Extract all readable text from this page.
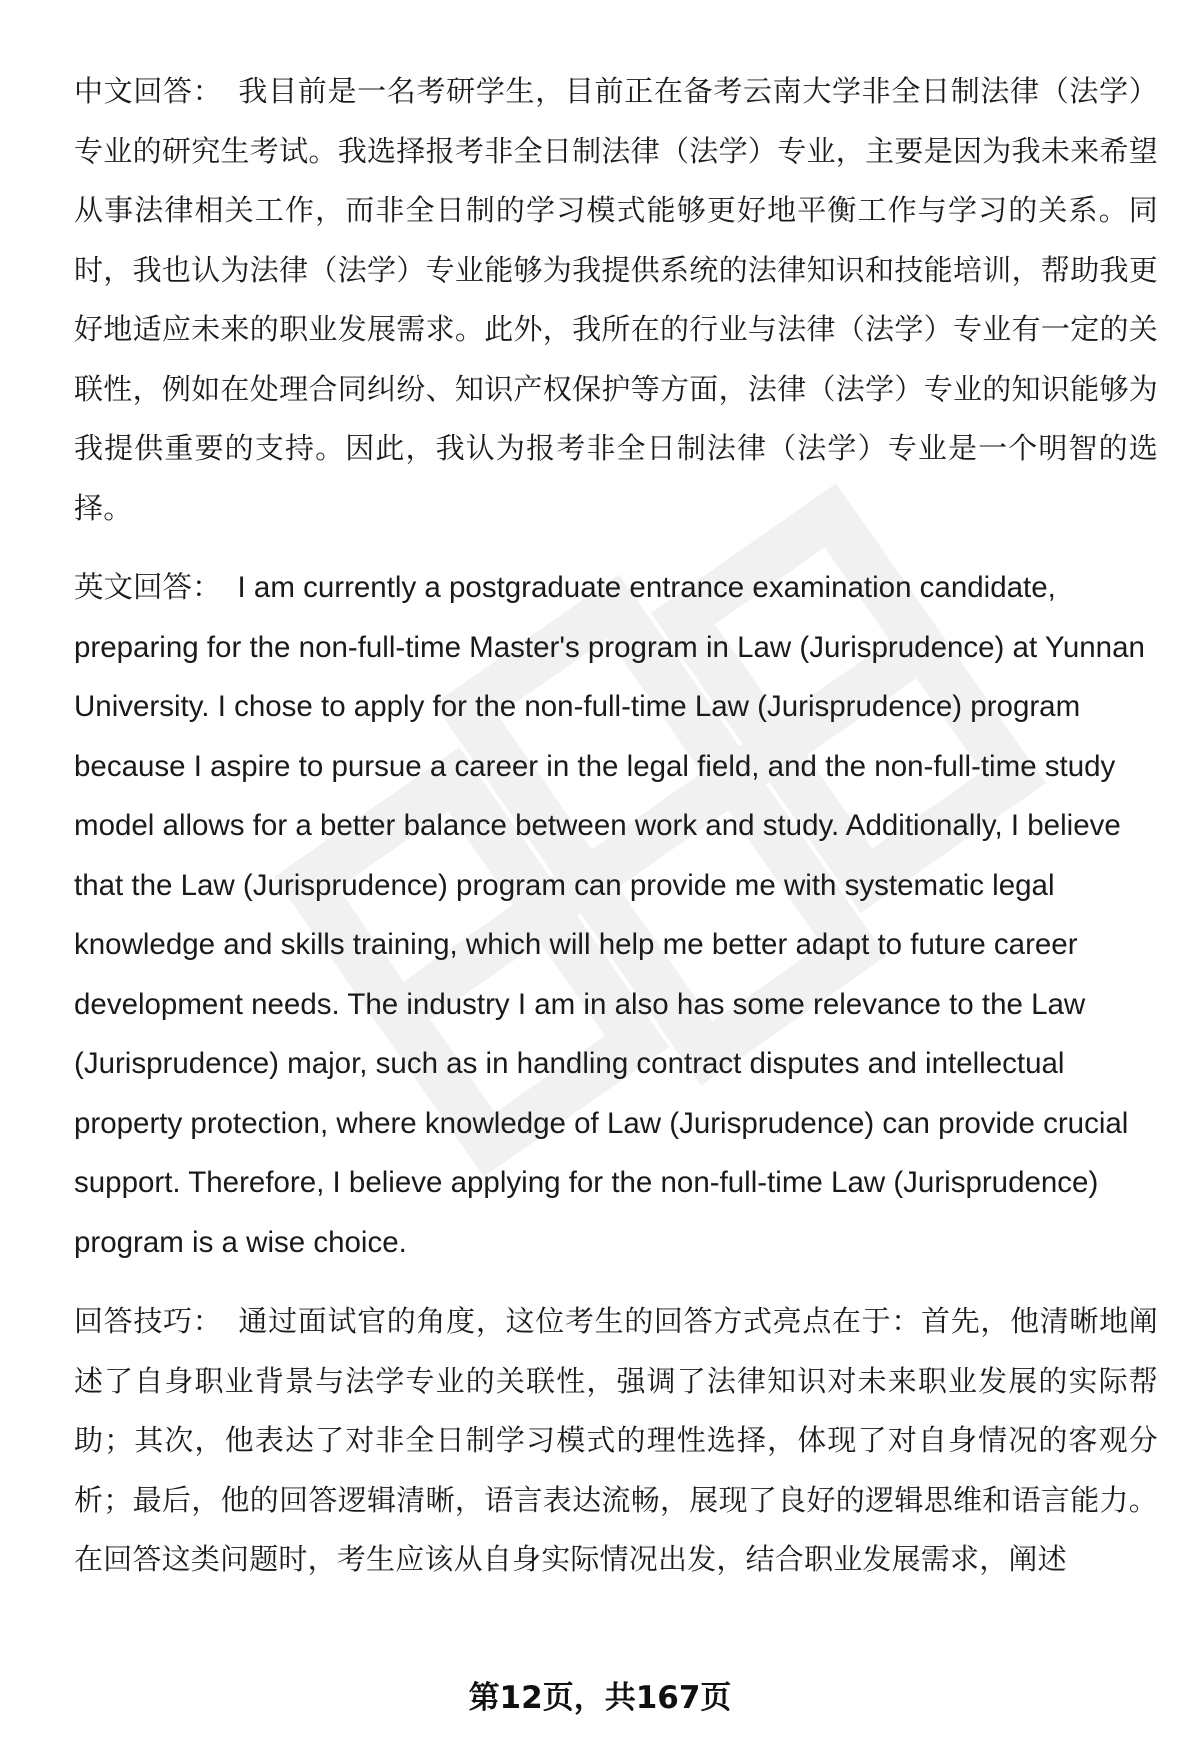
中文回答： 我目前是一名考研学生，目前正在备考云南大学非全日制法律（法学）专业的研究生考试。我选择报考非全日制法律（法学）专业，主要是因为我未来希望从事法律相关工作，而非全日制的学习模式能够更好地平衡工作与学习的关系。同时，我也认为法律（法学）专业能够为我提供系统的法律知识和技能培训，帮助我更好地适应未来的职业发展需求。此外，我所在的行业与法律（法学）专业有一定的关联性，例如在处理合同纠纷、知识产权保护等方面，法律（法学）专业的知识能够为我提供重要的支持。因此，我认为报考非全日制法律（法学）专业是一个明智的选择。

英文回答： I am currently a postgraduate entrance examination candidate, preparing for the non-full-time Master's program in Law (Jurisprudence) at Yunnan University. I chose to apply for the non-full-time Law (Jurisprudence) program because I aspire to pursue a career in the legal field, and the non-full-time study model allows for a better balance between work and study. Additionally, I believe that the Law (Jurisprudence) program can provide me with systematic legal knowledge and skills training, which will help me better adapt to future career development needs. The industry I am in also has some relevance to the Law (Jurisprudence) major, such as in handling contract disputes and intellectual property protection, where knowledge of Law (Jurisprudence) can provide crucial support. Therefore, I believe applying for the non-full-time Law (Jurisprudence) program is a wise choice.

回答技巧： 通过面试官的角度，这位考生的回答方式亮点在于：首先，他清晰地阐述了自身职业背景与法学专业的关联性，强调了法律知识对未来职业发展的实际帮助；其次，他表达了对非全日制学习模式的理性选择，体现了对自身情况的客观分析；最后，他的回答逻辑清晰，语言表达流畅，展现了良好的逻辑思维和语言能力。在回答这类问题时，考生应该从自身实际情况出发，结合职业发展需求，阐述

第12页，共167页
